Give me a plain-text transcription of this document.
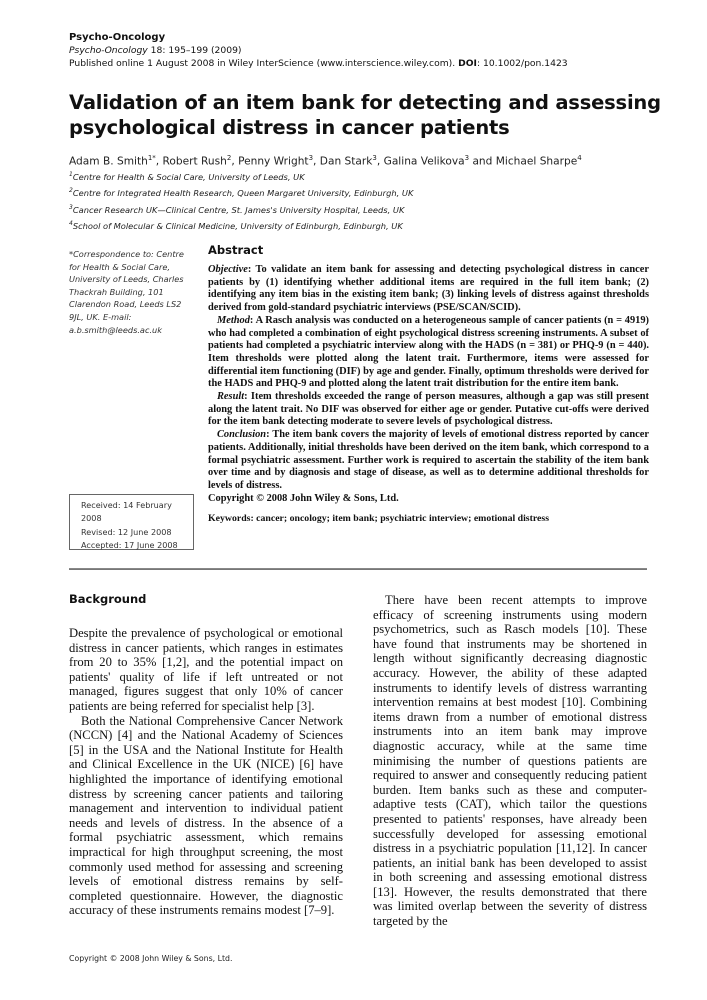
Psycho-Oncology
Psycho-Oncology 18: 195–199 (2009)
Published online 1 August 2008 in Wiley InterScience (www.interscience.wiley.com). DOI: 10.1002/pon.1423
Validation of an item bank for detecting and assessing psychological distress in cancer patients
Adam B. Smith$^{1*}$, Robert Rush$^2$, Penny Wright$^3$, Dan Stark$^3$, Galina Velikova$^3$ and Michael Sharpe$^4$
$^1$Centre for Health & Social Care, University of Leeds, UK
$^2$Centre for Integrated Health Research, Queen Margaret University, Edinburgh, UK
$^3$Cancer Research UK—Clinical Centre, St. James's University Hospital, Leeds, UK
$^4$School of Molecular & Clinical Medicine, University of Edinburgh, Edinburgh, UK
*Correspondence to: Centre for Health & Social Care, University of Leeds, Charles Thackrah Building, 101 Clarendon Road, Leeds LS2 9JL, UK. E-mail: a.b.smith@leeds.ac.uk
Received: 14 February 2008
Revised: 12 June 2008
Accepted: 17 June 2008
Abstract

Objective: To validate an item bank for assessing and detecting psychological distress in cancer patients by (1) identifying whether additional items are required in the full item bank; (2) identifying any item bias in the existing item bank; (3) linking levels of distress against thresholds derived from gold-standard psychiatric interviews (PSE/SCAN/SCID).

Method: A Rasch analysis was conducted on a heterogeneous sample of cancer patients (n = 4919) who had completed a combination of eight psychological distress screening instruments. A subset of patients had completed a psychiatric interview along with the HADS (n = 381) or PHQ-9 (n = 440). Item thresholds were plotted along the latent trait. Furthermore, items were assessed for differential item functioning (DIF) by age and gender. Finally, optimum thresholds were derived for the HADS and PHQ-9 and plotted along the latent trait distribution for the entire item bank.

Result: Item thresholds exceeded the range of person measures, although a gap was still present along the latent trait. No DIF was observed for either age or gender. Putative cut-offs were derived for the item bank detecting moderate to severe levels of psychological distress.

Conclusion: The item bank covers the majority of levels of emotional distress reported by cancer patients. Additionally, initial thresholds have been derived on the item bank, which correspond to a formal psychiatric assessment. Further work is required to ascertain the stability of the item bank over time and by diagnosis and stage of disease, as well as to determine additional thresholds for levels of distress.

Copyright © 2008 John Wiley & Sons, Ltd.

Keywords: cancer; oncology; item bank; psychiatric interview; emotional distress

Background

Despite the prevalence of psychological or emotional distress in cancer patients, which ranges in estimates from 20 to 35% [1,2], and the potential impact on patients' quality of life if left untreated or not managed, figures suggest that only 10% of cancer patients are being referred for specialist help [3].

Both the National Comprehensive Cancer Network (NCCN) [4] and the National Academy of Sciences [5] in the USA and the National Institute for Health and Clinical Excellence in the UK (NICE) [6] have highlighted the importance of identifying emotional distress by screening cancer patients and tailoring management and intervention to individual patient needs and levels of distress. In the absence of a formal psychiatric assessment, which remains impractical for high throughput screening, the most commonly used method for assessing and screening levels of emotional distress remains by self-completed questionnaire. However, the diagnostic accuracy of these instruments remains modest [7–9].

There have been recent attempts to improve efficacy of screening instruments using modern psychometrics, such as Rasch models [10]. These have found that instruments may be shortened in length without significantly decreasing diagnostic accuracy. However, the ability of these adapted instruments to identify levels of distress warranting intervention remains at best modest [10]. Combining items drawn from a number of emotional distress instruments into an item bank may improve diagnostic accuracy, while at the same time minimising the number of questions patients are required to answer and consequently reducing patient burden. Item banks such as these and computer-adaptive tests (CAT), which tailor the questions presented to patients' responses, have already been successfully developed for assessing emotional distress in a psychiatric population [11,12]. In cancer patients, an initial bank has been developed to assist in both screening and assessing emotional distress [13]. However, the results demonstrated that there was limited overlap between the severity of distress targeted by the

Copyright © 2008 John Wiley & Sons, Ltd.
